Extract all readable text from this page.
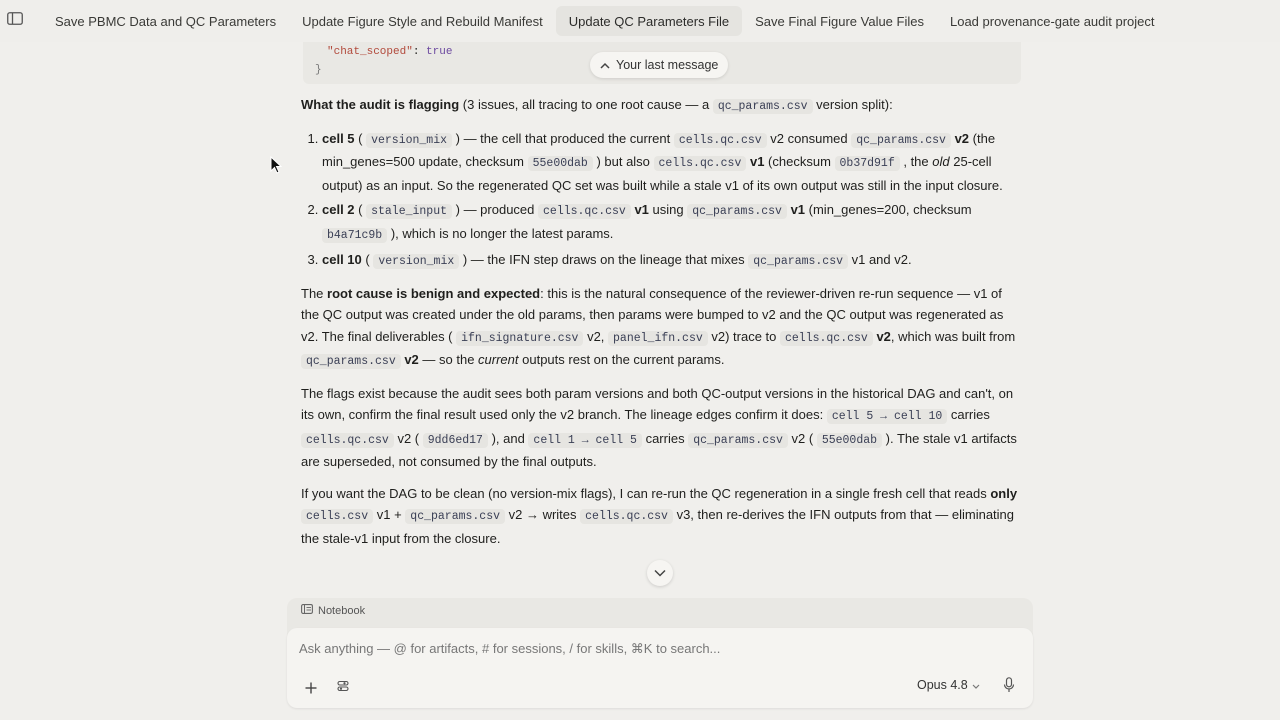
Save PBMC Data and QC Parameters	Update Figure Style and Rebuild Manifest	Update QC Parameters File	Save Final Figure Value Files	Load provenance-gate audit project
"chat_scoped": true
}

What the audit is flagging (3 issues, all tracing to one root cause — a qc_params.csv version split):

1. cell 5 ( version_mix ) — the cell that produced the current cells.qc.csv v2 consumed qc_params.csv v2 (the min_genes=500 update, checksum 55e00dab ) but also cells.qc.csv v1 (checksum 0b37d91f , the old 25-cell output) as an input. So the regenerated QC set was built while a stale v1 of its own output was still in the input closure.
2. cell 2 ( stale_input ) — produced cells.qc.csv v1 using qc_params.csv v1 (min_genes=200, checksum b4a71c9b ), which is no longer the latest params.
3. cell 10 ( version_mix ) — the IFN step draws on the lineage that mixes qc_params.csv v1 and v2.

The root cause is benign and expected: this is the natural consequence of the reviewer-driven re-run sequence — v1 of the QC output was created under the old params, then params were bumped to v2 and the QC output was regenerated as v2. The final deliverables ( ifn_signature.csv v2, panel_ifn.csv v2) trace to cells.qc.csv v2, which was built from qc_params.csv v2 — so the current outputs rest on the current params.

The flags exist because the audit sees both param versions and both QC-output versions in the historical DAG and can't, on its own, confirm the final result used only the v2 branch. The lineage edges confirm it does: cell 5 → cell 10 carries cells.qc.csv v2 ( 9dd6ed17 ), and cell 1 → cell 5 carries qc_params.csv v2 ( 55e00dab ). The stale v1 artifacts are superseded, not consumed by the final outputs.

If you want the DAG to be clean (no version-mix flags), I can re-run the QC regeneration in a single fresh cell that reads only cells.csv v1 + qc_params.csv v2 → writes cells.qc.csv v3, then re-derives the IFN outputs from that — eliminating the stale-v1 input from the closure.

Your last message
Notebook
Ask anything — @ for artifacts, # for sessions, / for skills, ⌘K to search...
Opus 4.8
